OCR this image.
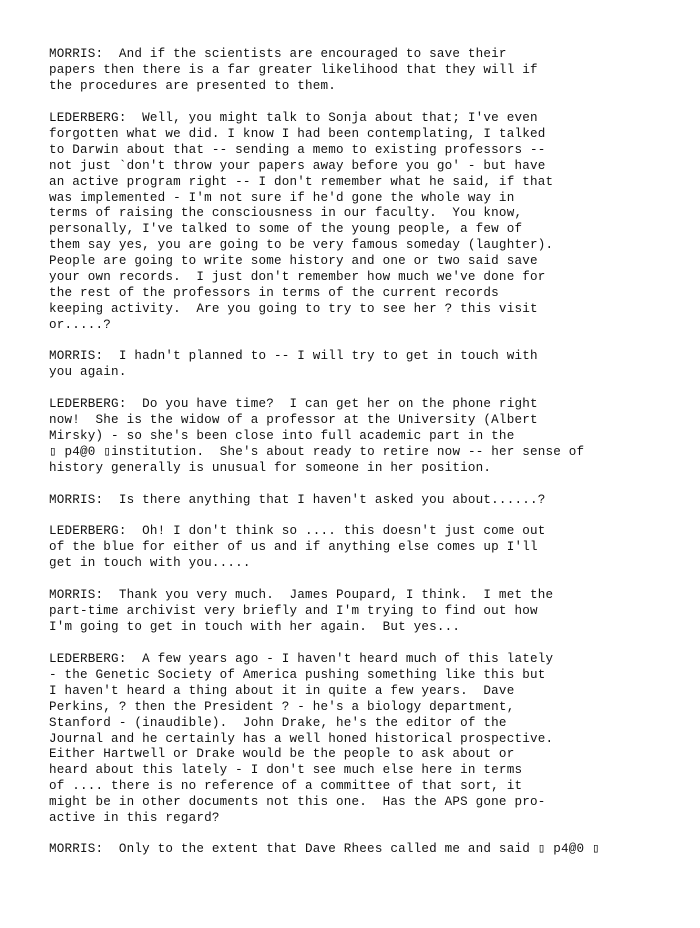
MORRIS:  And if the scientists are encouraged to save their
papers then there is a far greater likelihood that they will if
the procedures are presented to them.
LEDERBERG:  Well, you might talk to Sonja about that; I've even
forgotten what we did. I know I had been contemplating, I talked
to Darwin about that -- sending a memo to existing professors --
not just `don't throw your papers away before you go' - but have
an active program right -- I don't remember what he said, if that
was implemented - I'm not sure if he'd gone the whole way in
terms of raising the consciousness in our faculty.  You know,
personally, I've talked to some of the young people, a few of
them say yes, you are going to be very famous someday (laughter).
People are going to write some history and one or two said save
your own records.  I just don't remember how much we've done for
the rest of the professors in terms of the current records
keeping activity.  Are you going to try to see her ? this visit
or.....?
MORRIS:  I hadn't planned to -- I will try to get in touch with
you again.
LEDERBERG:  Do you have time?  I can get her on the phone right
now!  She is the widow of a professor at the University (Albert
Mirsky) - so she's been close into full academic part in the
▯ p4@0 ▯institution.  She's about ready to retire now -- her sense of
history generally is unusual for someone in her position.
MORRIS:  Is there anything that I haven't asked you about......?
LEDERBERG:  Oh! I don't think so .... this doesn't just come out
of the blue for either of us and if anything else comes up I'll
get in touch with you.....
MORRIS:  Thank you very much.  James Poupard, I think.  I met the
part-time archivist very briefly and I'm trying to find out how
I'm going to get in touch with her again.  But yes...
LEDERBERG:  A few years ago - I haven't heard much of this lately
- the Genetic Society of America pushing something like this but
I haven't heard a thing about it in quite a few years.  Dave
Perkins, ? then the President ? - he's a biology department,
Stanford - (inaudible).  John Drake, he's the editor of the
Journal and he certainly has a well honed historical prospective.
Either Hartwell or Drake would be the people to ask about or
heard about this lately - I don't see much else here in terms
of .... there is no reference of a committee of that sort, it
might be in other documents not this one.  Has the APS gone pro-
active in this regard?
MORRIS:  Only to the extent that Dave Rhees called me and said ▯ p4@0 ▯
